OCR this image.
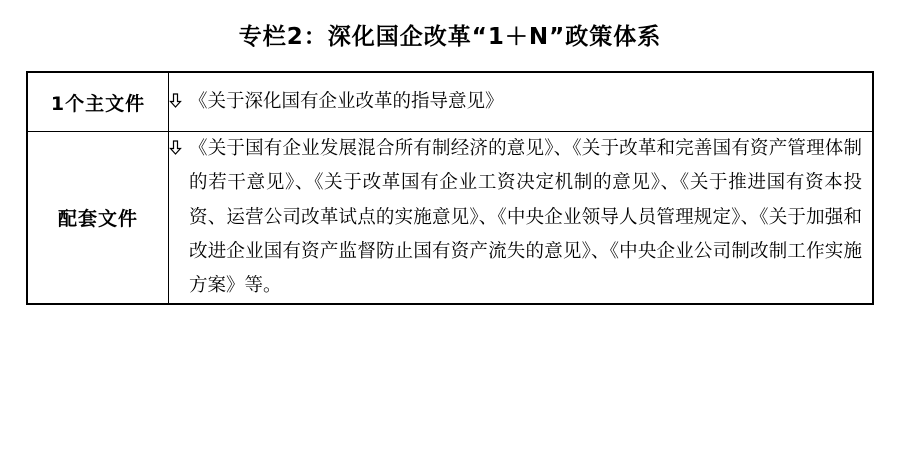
专栏2：深化国企改革“1＋N”政策体系
1个主文件	《关于深化国有企业改革的指导意见》
配套文件	《关于国有企业发展混合所有制经济的意见》、《关于改革和完善国有资产管理体制的若干意见》、《关于改革国有企业工资决定机制的意见》、《关于推进国有资本投资、运营公司改革试点的实施意见》、《中央企业领导人员管理规定》、《关于加强和改进企业国有资产监督防止国有资产流失的意见》、《中央企业公司制改制工作实施方案》等。
